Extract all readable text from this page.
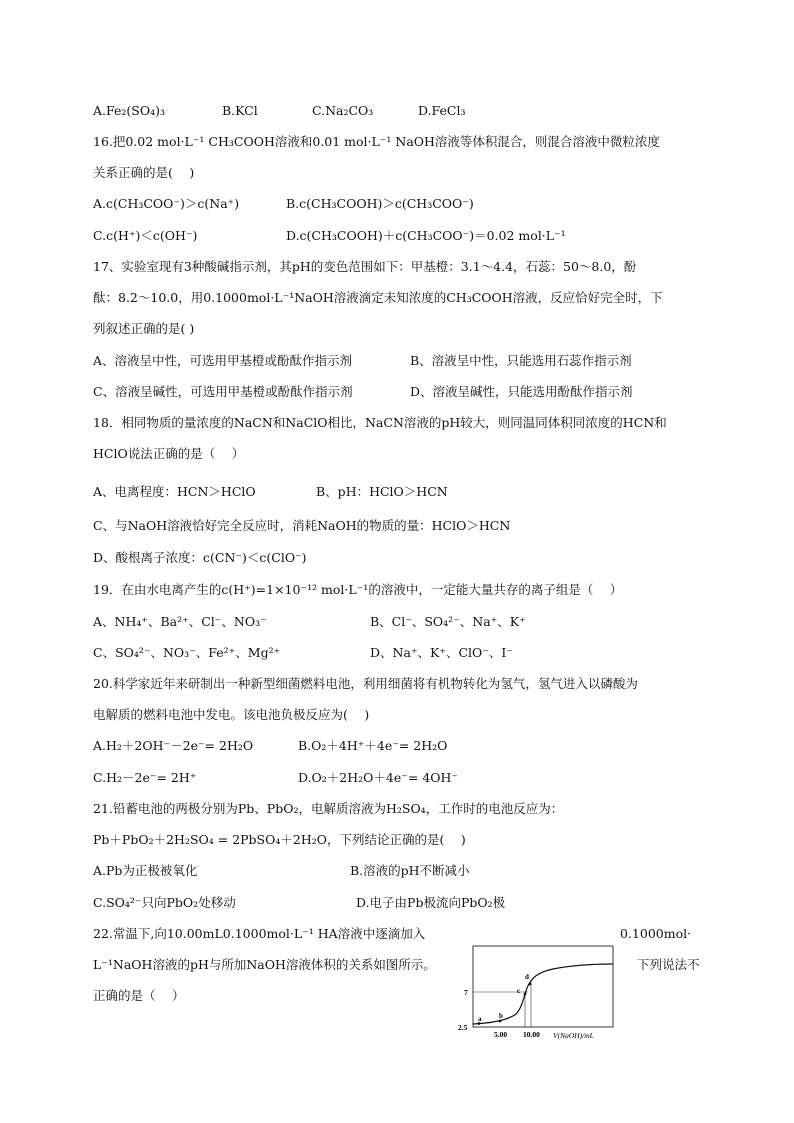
A.Fe₂(SO₄)₃	B.KCl	C.Na₂CO₃	D.FeCl₃
16.把0.02 mol·L⁻¹ CH₃COOH溶液和0.01 mol·L⁻¹ NaOH溶液等体积混合，则混合溶液中微粒浓度
关系正确的是(　 )
A.c(CH₃COO⁻)＞c(Na⁺)	B.c(CH₃COOH)＞c(CH₃COO⁻)
C.c(H⁺)＜c(OH⁻)	D.c(CH₃COOH)＋c(CH₃COO⁻)＝0.02 mol·L⁻¹
17、实验室现有3种酸碱指示剂，其pH的变色范围如下：甲基橙：3.1～4.4，石蕊：50～8.0，酚
酞：8.2～10.0，用0.1000mol·L⁻¹NaOH溶液滴定未知浓度的CH₃COOH溶液，反应恰好完全时，下
列叙述正确的是( )
A、溶液呈中性，可选用甲基橙或酚酞作指示剂	B、溶液呈中性，只能选用石蕊作指示剂
C、溶液呈碱性，可选用甲基橙或酚酞作指示剂	D、溶液呈碱性，只能选用酚酞作指示剂
18．相同物质的量浓度的NaCN和NaClO相比，NaCN溶液的pH较大，则同温同体积同浓度的HCN和
HClO说法正确的是（　 ）
A、电离程度：HCN＞HClO	B、pH：HClO＞HCN
C、与NaOH溶液恰好完全反应时，消耗NaOH的物质的量：HClO＞HCN
D、酸根离子浓度：c(CN⁻)＜c(ClO⁻)
19．在由水电离产生的c(H⁺)=1×10⁻¹² mol·L⁻¹的溶液中，一定能大量共存的离子组是（　 ）
A、NH₄⁺、Ba²⁺、Cl⁻、NO₃⁻	B、Cl⁻、SO₄²⁻、Na⁺、K⁺
C、SO₄²⁻、NO₃⁻、Fe²⁺、Mg²⁺	D、Na⁺、K⁺、ClO⁻、I⁻
20.科学家近年来研制出一种新型细菌燃料电池，利用细菌将有机物转化为氢气，氢气进入以磷酸为
电解质的燃料电池中发电。该电池负极反应为(　 )
A.H₂＋2OH⁻－2e⁻= 2H₂O	B.O₂＋4H⁺＋4e⁻= 2H₂O
C.H₂－2e⁻= 2H⁺	D.O₂＋2H₂O＋4e⁻= 4OH⁻
21.铅蓄电池的两极分别为Pb、PbO₂，电解质溶液为H₂SO₄，工作时的电池反应为：
Pb＋PbO₂＋2H₂SO₄ = 2PbSO₄＋2H₂O，下列结论正确的是(　 )
A.Pb为正极被氧化	B.溶液的pH不断减小
C.SO₄²⁻只向PbO₂处移动	D.电子由Pb极流向PbO₂极
22.常温下,向10.00mL0.1000mol·L⁻¹ HA溶液中逐滴加入	0.1000mol·
L⁻¹NaOH溶液的pH与所加NaOH溶液体积的关系如图所示。	下列说法不
正确的是（　 ）
a	b
c
d
7
2.5
5.00 10.00 V(NaOH)/mL
